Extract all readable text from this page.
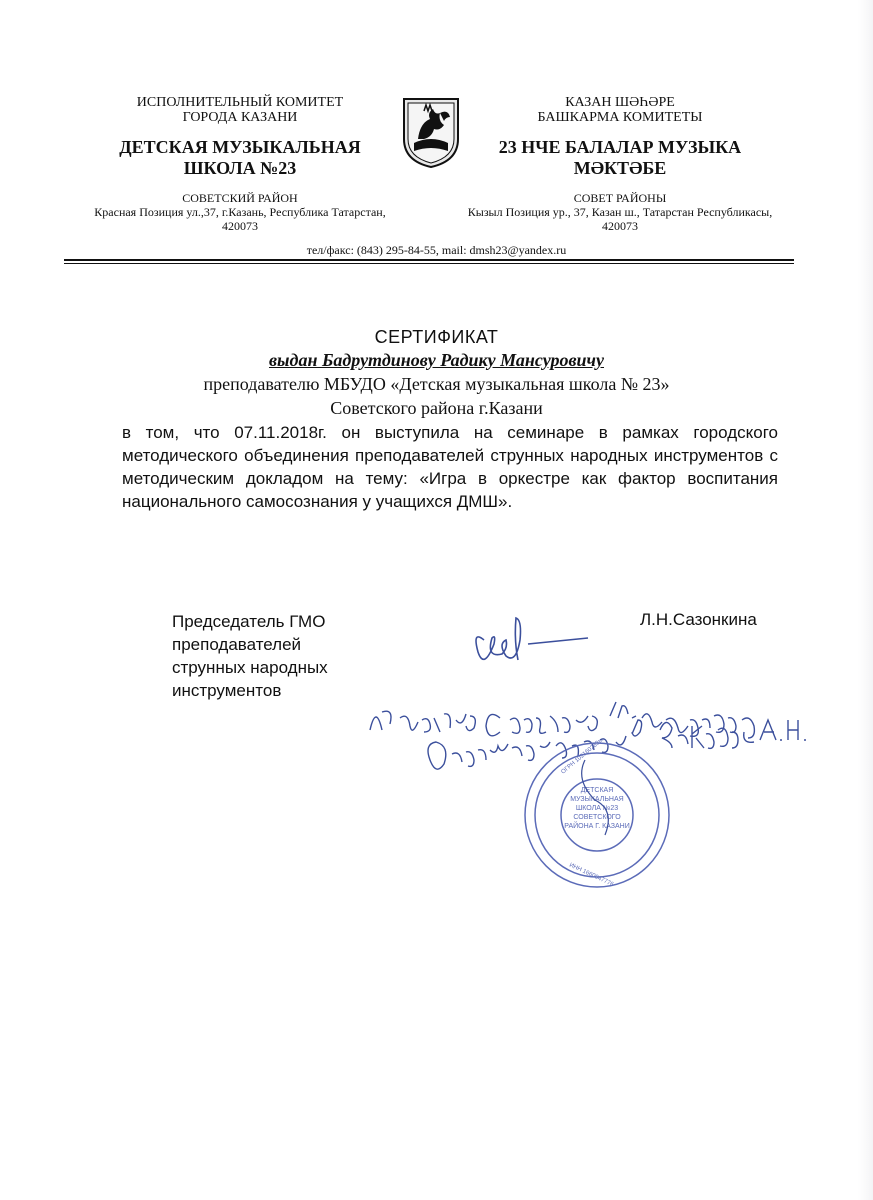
ИСПОЛНИТЕЛЬНЫЙ КОМИТЕТ
ГОРОДА КАЗАНИ
ДЕТСКАЯ МУЗЫКАЛЬНАЯ
ШКОЛА №23
СОВЕТСКИЙ РАЙОН
Красная Позиция ул.,37, г.Казань, Республика Татарстан,
420073
КАЗАН ШӘҺӘРЕ
БАШКАРМА КОМИТЕТЫ
23 НЧЕ БАЛАЛАР МУЗЫКА
МӘКТӘБЕ
СОВЕТ РАЙОНЫ
Кызыл Позиция ур., 37, Казан ш., Татарстан Республикасы,
420073
тел/факс: (843) 295-84-55, mail: dmsh23@yandex.ru
СЕРТИФИКАТ
выдан Бадрутдинову Радику Мансуровичу
преподавателю МБУДО «Детская музыкальная школа № 23»
Советского района г.Казани
в том, что 07.11.2018г. он выступила на семинаре в рамках городского методического объединения преподавателей струнных народных инструментов с методическим докладом на тему: «Игра в оркестре как фактор воспитания национального самосознания у учащихся ДМШ».
Председатель ГМО
преподавателей
струнных народных
инструментов
Л.Н.Сазонкина
ДЕТСКАЯ
МУЗЫКАЛЬНАЯ
ШКОЛА №23
СОВЕТСКОГО
РАЙОНА Г. КАЗАНИ
ОГРН 1021602836160
ИНН 1660047776
